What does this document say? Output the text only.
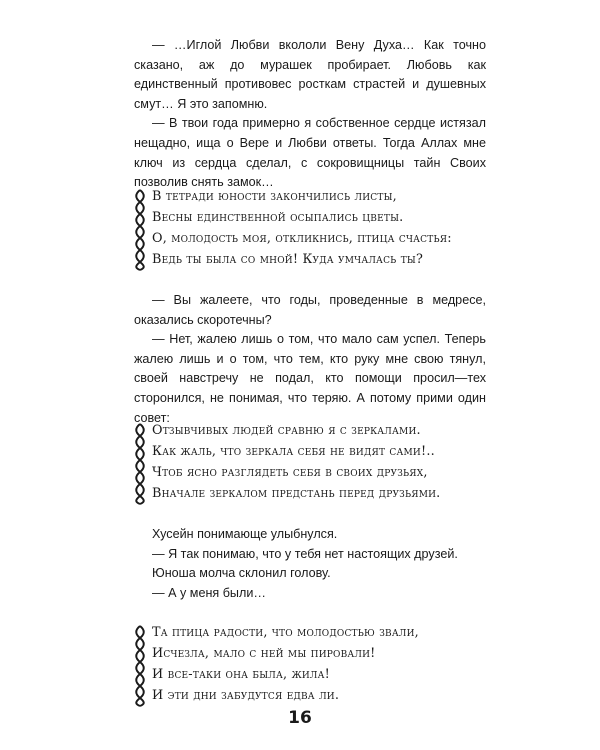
— …Иглой Любви вкололи Вену Духа… Как точно сказано, аж до мурашек пробирает. Любовь как единственный противовес росткам страстей и душевных смут… Я это запомню.

— В твои года примерно я собственное сердце истязал нещадно, ища о Вере и Любви ответы. Тогда Аллах мне ключ из сердца сделал, с сокровищницы тайн Своих позволив снять замок…

В тетради юности закончились листы,
Весны единственной осыпались цветы.
О, молодость моя, откликнись, птица счастья:
Ведь ты была со мной! Куда умчалась ты?

— Вы жалеете, что годы, проведенные в медресе, оказались скоротечны?

— Нет, жалею лишь о том, что мало сам успел. Теперь жалею лишь и о том, что тем, кто руку мне свою тянул, своей навстречу не подал, кто помощи просил—тех сторонился, не понимая, что теряю. А потому прими один совет:

Отзывчивых людей сравню я с зеркалами.
Как жаль, что зеркала себя не видят сами!..
Чтоб ясно разглядеть себя в своих друзьях,
Вначале зеркалом предстань перед друзьями.

Хусейн понимающе улыбнулся.

— Я так понимаю, что у тебя нет настоящих друзей.

Юноша молча склонил голову.

— А у меня были…

Та птица радости, что молодостью звали,
Исчезла, мало с ней мы пировали!
И все-таки она была, жила!
И эти дни забудутся едва ли.
16
